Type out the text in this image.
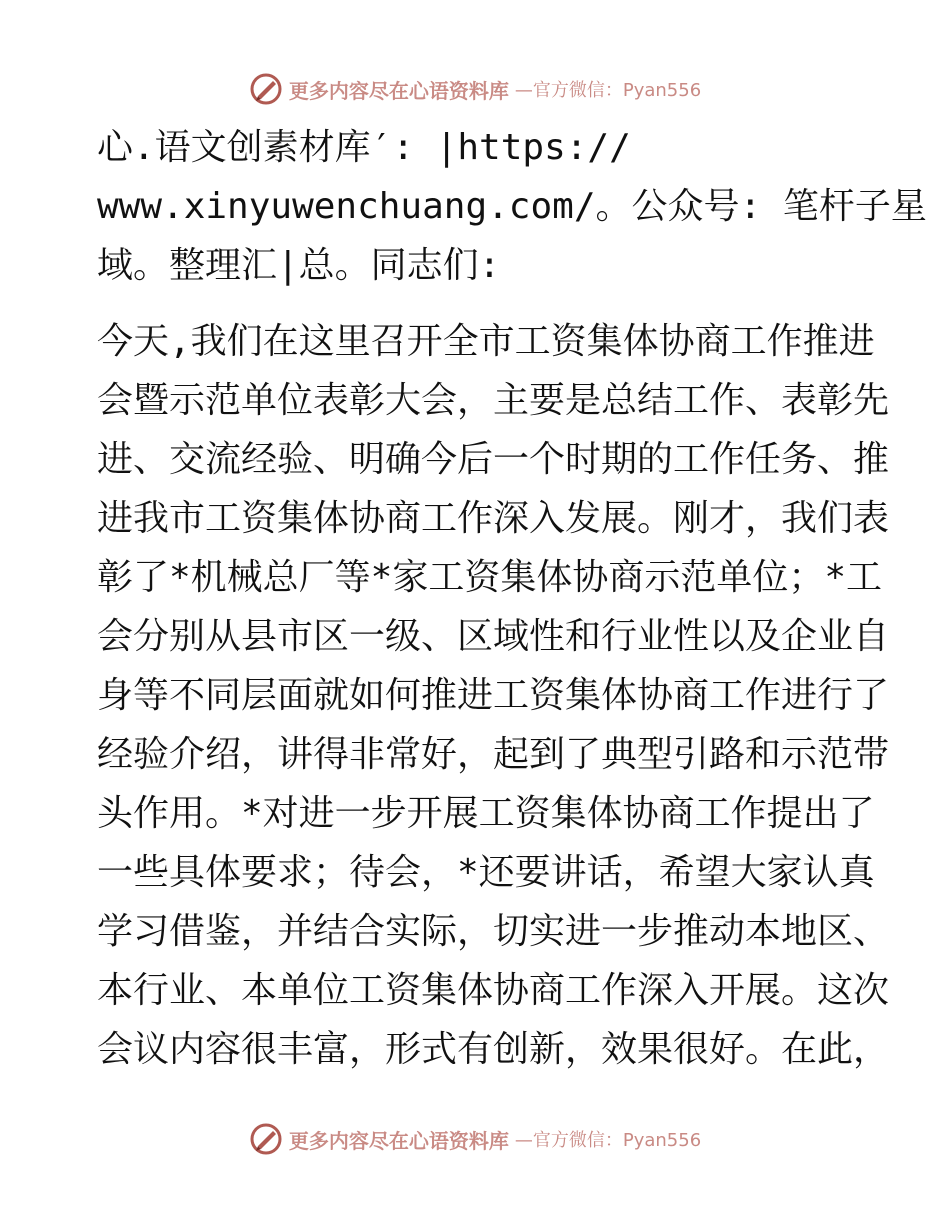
更多内容尽在心语资料库 —官方微信：Pyan556
心.语文创素材库′: |https://
www.xinyuwenchuang.com/。公众号: 笔杆子星
域。整理汇|总。同志们:
今天,我们在这里召开全市工资集体协商工作推进
会暨示范单位表彰大会，主要是总结工作、表彰先
进、交流经验、明确今后一个时期的工作任务、推
进我市工资集体协商工作深入发展。刚才，我们表
彰了*机械总厂等*家工资集体协商示范单位；*工
会分别从县市区一级、区域性和行业性以及企业自
身等不同层面就如何推进工资集体协商工作进行了
经验介绍，讲得非常好，起到了典型引路和示范带
头作用。*对进一步开展工资集体协商工作提出了
一些具体要求；待会，*还要讲话，希望大家认真
学习借鉴，并结合实际，切实进一步推动本地区、
本行业、本单位工资集体协商工作深入开展。这次
会议内容很丰富，形式有创新，效果很好。在此，
更多内容尽在心语资料库 —官方微信：Pyan556
